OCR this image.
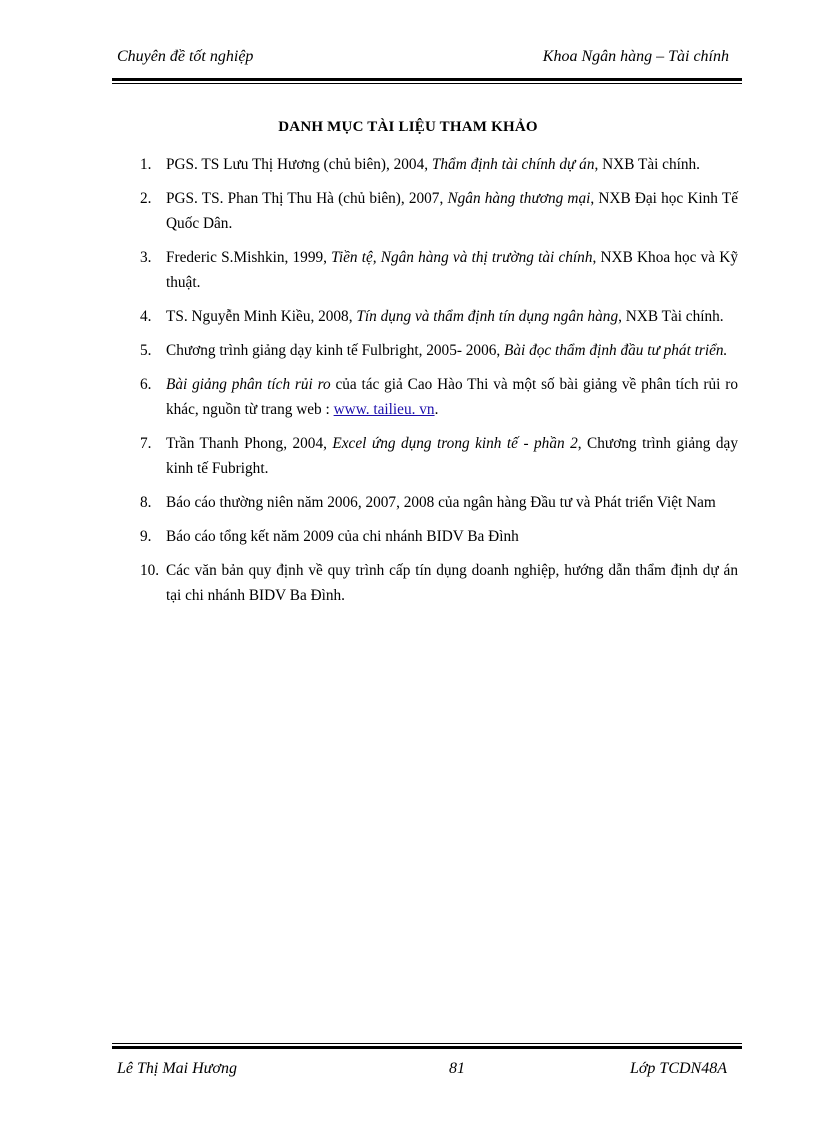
Chuyên đề tốt nghiệp	Khoa Ngân hàng – Tài chính
DANH MỤC TÀI LIỆU THAM KHẢO
1. PGS. TS Lưu Thị Hương (chủ biên), 2004, Thẩm định tài chính dự án, NXB Tài chính.
2. PGS. TS. Phan Thị Thu Hà (chủ biên), 2007, Ngân hàng thương mại, NXB Đại học Kinh Tế Quốc Dân.
3. Frederic S.Mishkin, 1999, Tiền tệ, Ngân hàng và thị trường tài chính, NXB Khoa học và Kỹ thuật.
4. TS. Nguyễn Minh Kiều, 2008, Tín dụng và thẩm định tín dụng ngân hàng, NXB Tài chính.
5. Chương trình giảng dạy kinh tế Fulbright, 2005- 2006, Bài đọc thẩm định đầu tư phát triển.
6. Bài giảng phân tích rủi ro của tác giả Cao Hào Thi và một số bài giảng về phân tích rủi ro khác, nguồn từ trang web : www. tailieu. vn.
7. Trần Thanh Phong, 2004, Excel ứng dụng trong kinh tế - phần 2, Chương trình giảng dạy kinh tế Fubright.
8. Báo cáo thường niên năm 2006, 2007, 2008 của ngân hàng Đầu tư và Phát triển Việt Nam
9. Báo cáo tổng kết năm 2009 của chi nhánh BIDV Ba Đình
10. Các văn bản quy định về quy trình cấp tín dụng doanh nghiệp, hướng dẫn thẩm định dự án tại chi nhánh BIDV Ba Đình.
Lê Thị Mai Hương	81	Lớp TCDN48A
